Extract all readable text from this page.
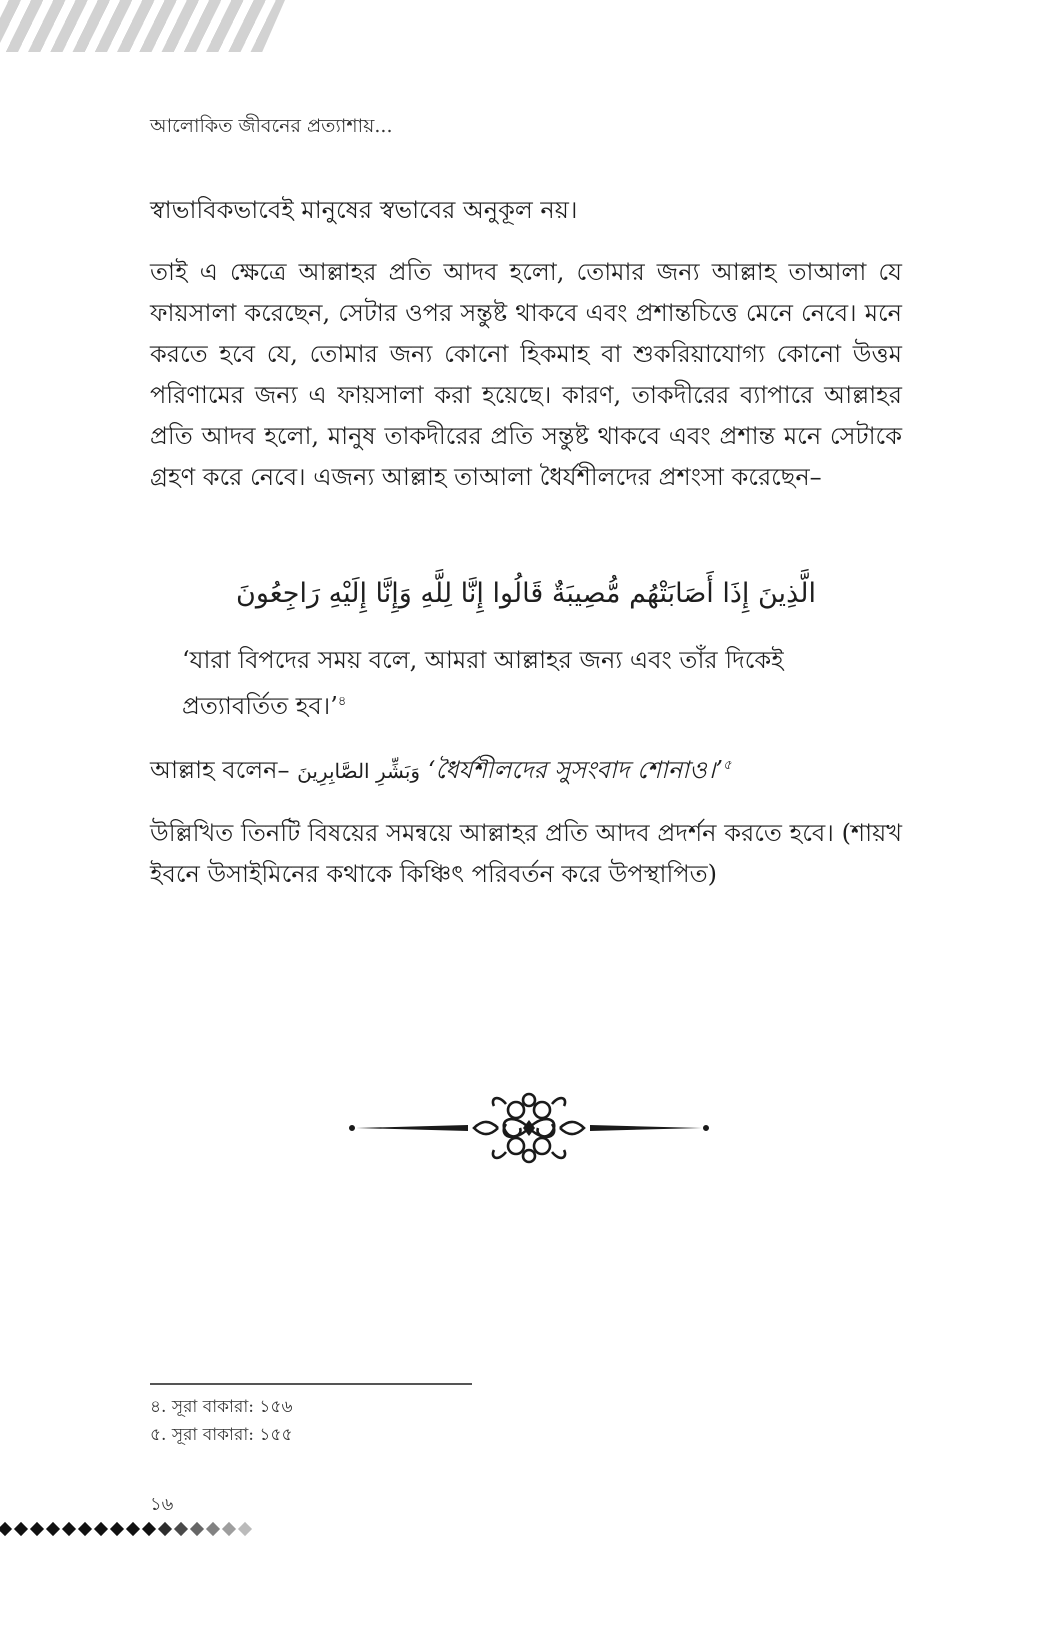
আলোকিত জীবনের প্রত্যাশায়...

স্বাভাবিকভাবেই মানুষের স্বভাবের অনুকূল নয়।

তাই এ ক্ষেত্রে আল্লাহর প্রতি আদব হলো, তোমার জন্য আল্লাহ তাআলা যে ফায়সালা করেছেন, সেটার ওপর সন্তুষ্ট থাকবে এবং প্রশান্তচিত্তে মেনে নেবে। মনে করতে হবে যে, তোমার জন্য কোনো হিকমাহ বা শুকরিয়াযোগ্য কোনো উত্তম পরিণামের জন্য এ ফায়সালা করা হয়েছে। কারণ, তাকদীরের ব্যাপারে আল্লাহর প্রতি আদব হলো, মানুষ তাকদীরের প্রতি সন্তুষ্ট থাকবে এবং প্রশান্ত মনে সেটাকে গ্রহণ করে নেবে। এজন্য আল্লাহ তাআলা ধৈর্যশীলদের প্রশংসা করেছেন–

الَّذِينَ إِذَا أَصَابَتْهُم مُّصِيبَةٌ قَالُوا إِنَّا لِلَّهِ وَإِنَّا إِلَيْهِ رَاجِعُونَ
‘যারা বিপদের সময় বলে, আমরা আল্লাহর জন্য এবং তাঁর দিকেই প্রত্যাবর্তিত হব।’$^৪$

আল্লাহ বলেন– وَبَشِّرِ الصَّابِرِينَ ‘ধৈর্যশীলদের সুসংবাদ শোনাও।’$^৫$

উল্লিখিত তিনটি বিষয়ের সমন্বয়ে আল্লাহর প্রতি আদব প্রদর্শন করতে হবে। (শায়খ ইবনে উসাইমিনের কথাকে কিঞ্চিৎ পরিবর্তন করে উপস্থাপিত)

৪. সূরা বাকারা: ১৫৬
৫. সূরা বাকারা: ১৫৫
১৬
